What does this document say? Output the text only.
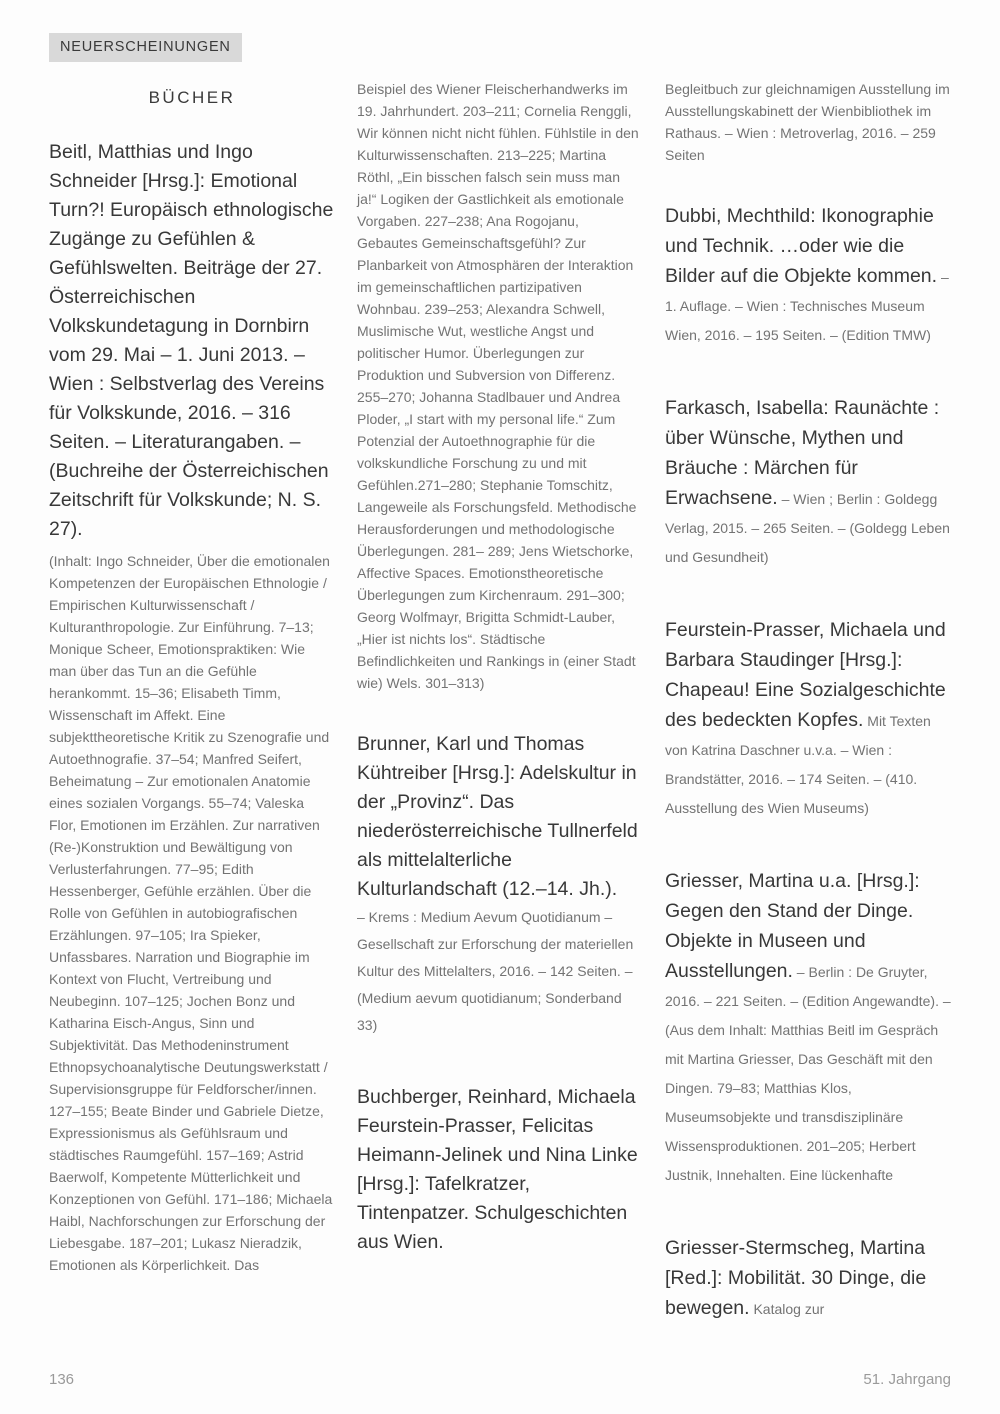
NEUERSCHEINUNGEN
BÜCHER
Beitl, Matthias und Ingo Schneider [Hrsg.]: Emotional Turn?! Europäisch ethnologische Zugänge zu Gefühlen & Gefühlswelten. Beiträge der 27. Österreichischen Volkskundetagung in Dornbirn vom 29. Mai – 1. Juni 2013. – Wien : Selbstverlag des Vereins für Volkskunde, 2016. – 316 Seiten. – Literaturangaben. – (Buchreihe der Österreichischen Zeitschrift für Volkskunde; N. S. 27).
(Inhalt: Ingo Schneider, Über die emotionalen Kompetenzen der Europäischen Ethnologie / Empirischen Kulturwissenschaft / Kulturanthropologie. Zur Einführung. 7–13; Monique Scheer, Emotionspraktiken: Wie man über das Tun an die Gefühle herankommt. 15–36; Elisabeth Timm, Wissenschaft im Affekt. Eine subjekttheoretische Kritik zu Szenografie und Autoethnografie. 37–54; Manfred Seifert, Beheimatung – Zur emotionalen Anatomie eines sozialen Vorgangs. 55–74; Valeska Flor, Emotionen im Erzählen. Zur narrativen (Re-)Konstruktion und Bewältigung von Verlusterfahrungen. 77–95; Edith Hessenberger, Gefühle erzählen. Über die Rolle von Gefühlen in autobiografischen Erzählungen. 97–105; Ira Spieker, Unfassbares. Narration und Biographie im Kontext von Flucht, Vertreibung und Neubeginn. 107–125; Jochen Bonz und Katharina Eisch-Angus, Sinn und Subjektivität. Das Methodeninstrument Ethnopsychoanalytische Deutungswerkstatt / Supervisionsgruppe für Feldforscher/innen. 127–155; Beate Binder und Gabriele Dietze, Expressionismus als Gefühlsraum und städtisches Raumgefühl. 157–169; Astrid Baerwolf, Kompetente Mütterlichkeit und Konzeptionen von Gefühl. 171–186; Michaela Haibl, Nachforschungen zur Erforschung der Liebesgabe. 187–201; Lukasz Nieradzik, Emotionen als Körperlichkeit. Das
Beispiel des Wiener Fleischerhandwerks im 19. Jahrhundert. 203–211; Cornelia Renggli, Wir können nicht nicht fühlen. Fühlstile in den Kulturwissenschaften. 213–225; Martina Röthl, „Ein bisschen falsch sein muss man ja!“ Logiken der Gastlichkeit als emotionale Vorgaben. 227–238; Ana Rogojanu, Gebautes Gemeinschaftsgefühl? Zur Planbarkeit von Atmosphären der Interaktion im gemeinschaftlichen partizipativen Wohnbau. 239–253; Alexandra Schwell, Muslimische Wut, westliche Angst und politischer Humor. Überlegungen zur Produktion und Subversion von Differenz. 255–270; Johanna Stadlbauer und Andrea Ploder, „I start with my personal life.“ Zum Potenzial der Autoethnographie für die volkskundliche Forschung zu und mit Gefühlen.271–280; Stephanie Tomschitz, Langeweile als Forschungsfeld. Methodische Herausforderungen und methodologische Überlegungen. 281– 289; Jens Wietschorke, Affective Spaces. Emotionstheoretische Überlegungen zum Kirchenraum. 291–300; Georg Wolfmayr, Brigitta Schmidt-Lauber, „Hier ist nichts los“. Städtische Befindlichkeiten und Rankings in (einer Stadt wie) Wels. 301–313)
Brunner, Karl und Thomas Kühtreiber [Hrsg.]: Adelskultur in der „Provinz“. Das niederösterreichische Tullnerfeld als mittelalterliche Kulturlandschaft (12.–14. Jh.).
– Krems : Medium Aevum Quotidianum – Gesellschaft zur Erforschung der materiellen Kultur des Mittelalters, 2016. – 142 Seiten. – (Medium aevum quotidianum; Sonderband 33)
Buchberger, Reinhard, Michaela Feurstein-Prasser, Felicitas Heimann-Jelinek und Nina Linke [Hrsg.]: Tafelkratzer, Tintenpatzer. Schulgeschichten aus Wien.
Begleitbuch zur gleichnamigen Ausstellung im Ausstellungskabinett der Wienbibliothek im Rathaus. – Wien : Metroverlag, 2016. – 259 Seiten

Dubbi, Mechthild: Ikonographie und Technik. …oder wie die Bilder auf die Objekte kommen. – 1. Auflage. – Wien : Technisches Museum Wien, 2016. – 195 Seiten. – (Edition TMW)

Farkasch, Isabella: Raunächte : über Wünsche, Mythen und Bräuche : Märchen für Erwachsene. – Wien ; Berlin : Goldegg Verlag, 2015. – 265 Seiten. – (Goldegg Leben und Gesundheit)

Feurstein-Prasser, Michaela und Barbara Staudinger [Hrsg.]: Chapeau! Eine Sozialgeschichte des bedeckten Kopfes. Mit Texten von Katrina Daschner u.v.a. – Wien : Brandstätter, 2016. – 174 Seiten. – (410. Ausstellung des Wien Museums)

Griesser, Martina u.a. [Hrsg.]: Gegen den Stand der Dinge. Objekte in Museen und Ausstellungen. – Berlin : De Gruyter, 2016. – 221 Seiten. – (Edition Angewandte). – (Aus dem Inhalt: Matthias Beitl im Gespräch mit Martina Griesser, Das Geschäft mit den Dingen. 79–83; Matthias Klos, Museumsobjekte und transdisziplinäre Wissensproduktionen. 201–205; Herbert Justnik, Innehalten. Eine lückenhafte

Griesser-Stermscheg, Martina [Red.]: Mobilität. 30 Dinge, die bewegen. Katalog zur

136	51. Jahrgang
